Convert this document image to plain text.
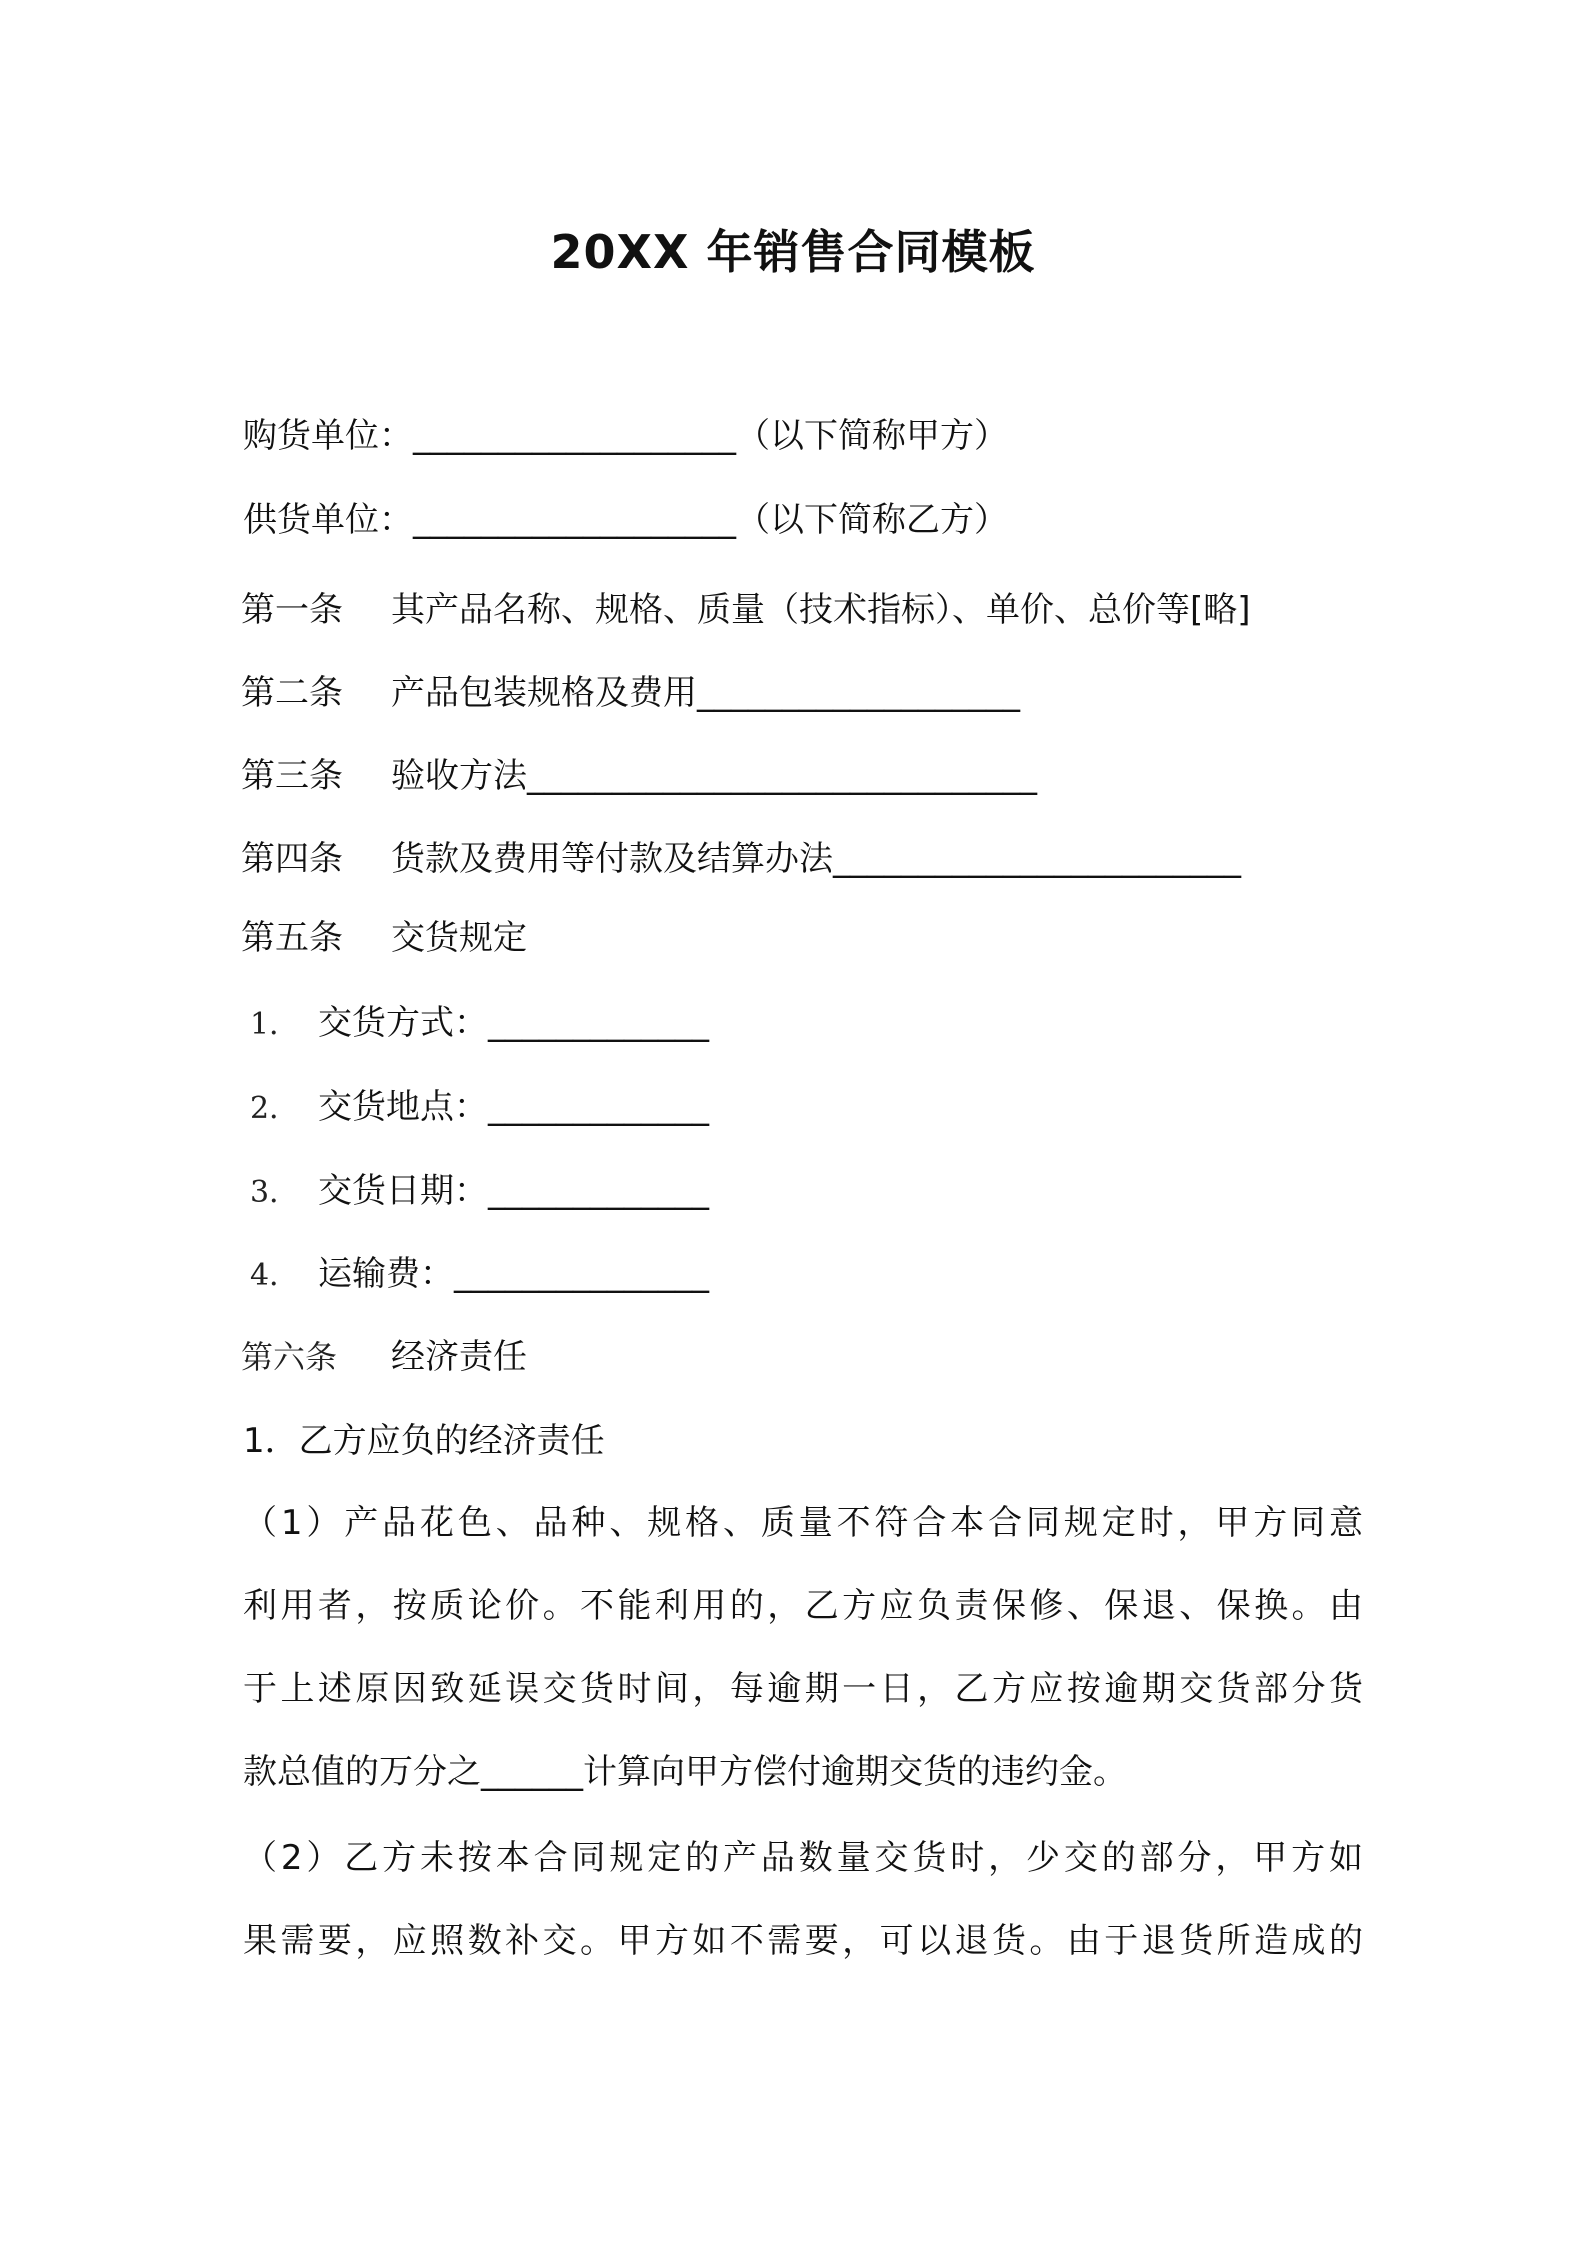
20XX 年销售合同模板
购货单位：___________________（以下简称甲方）
供货单位：___________________（以下简称乙方）
第一条 其产品名称、规格、质量（技术指标）、单价、总价等[略]
第二条 产品包装规格及费用___________________
第三条 验收方法______________________________
第四条 货款及费用等付款及结算办法________________________
第五条 交货规定
1． 交货方式：_____________
2． 交货地点：_____________
3． 交货日期：_____________
4． 运输费：_______________
第六条 经济责任
1．乙方应负的经济责任
（1）产品花色、品种、规格、质量不符合本合同规定时，甲方同意
利用者，按质论价。不能利用的，乙方应负责保修、保退、保换。由
于上述原因致延误交货时间，每逾期一日，乙方应按逾期交货部分货
款总值的万分之______计算向甲方偿付逾期交货的违约金。
（2）乙方未按本合同规定的产品数量交货时，少交的部分，甲方如
果需要，应照数补交。甲方如不需要，可以退货。由于退货所造成的
